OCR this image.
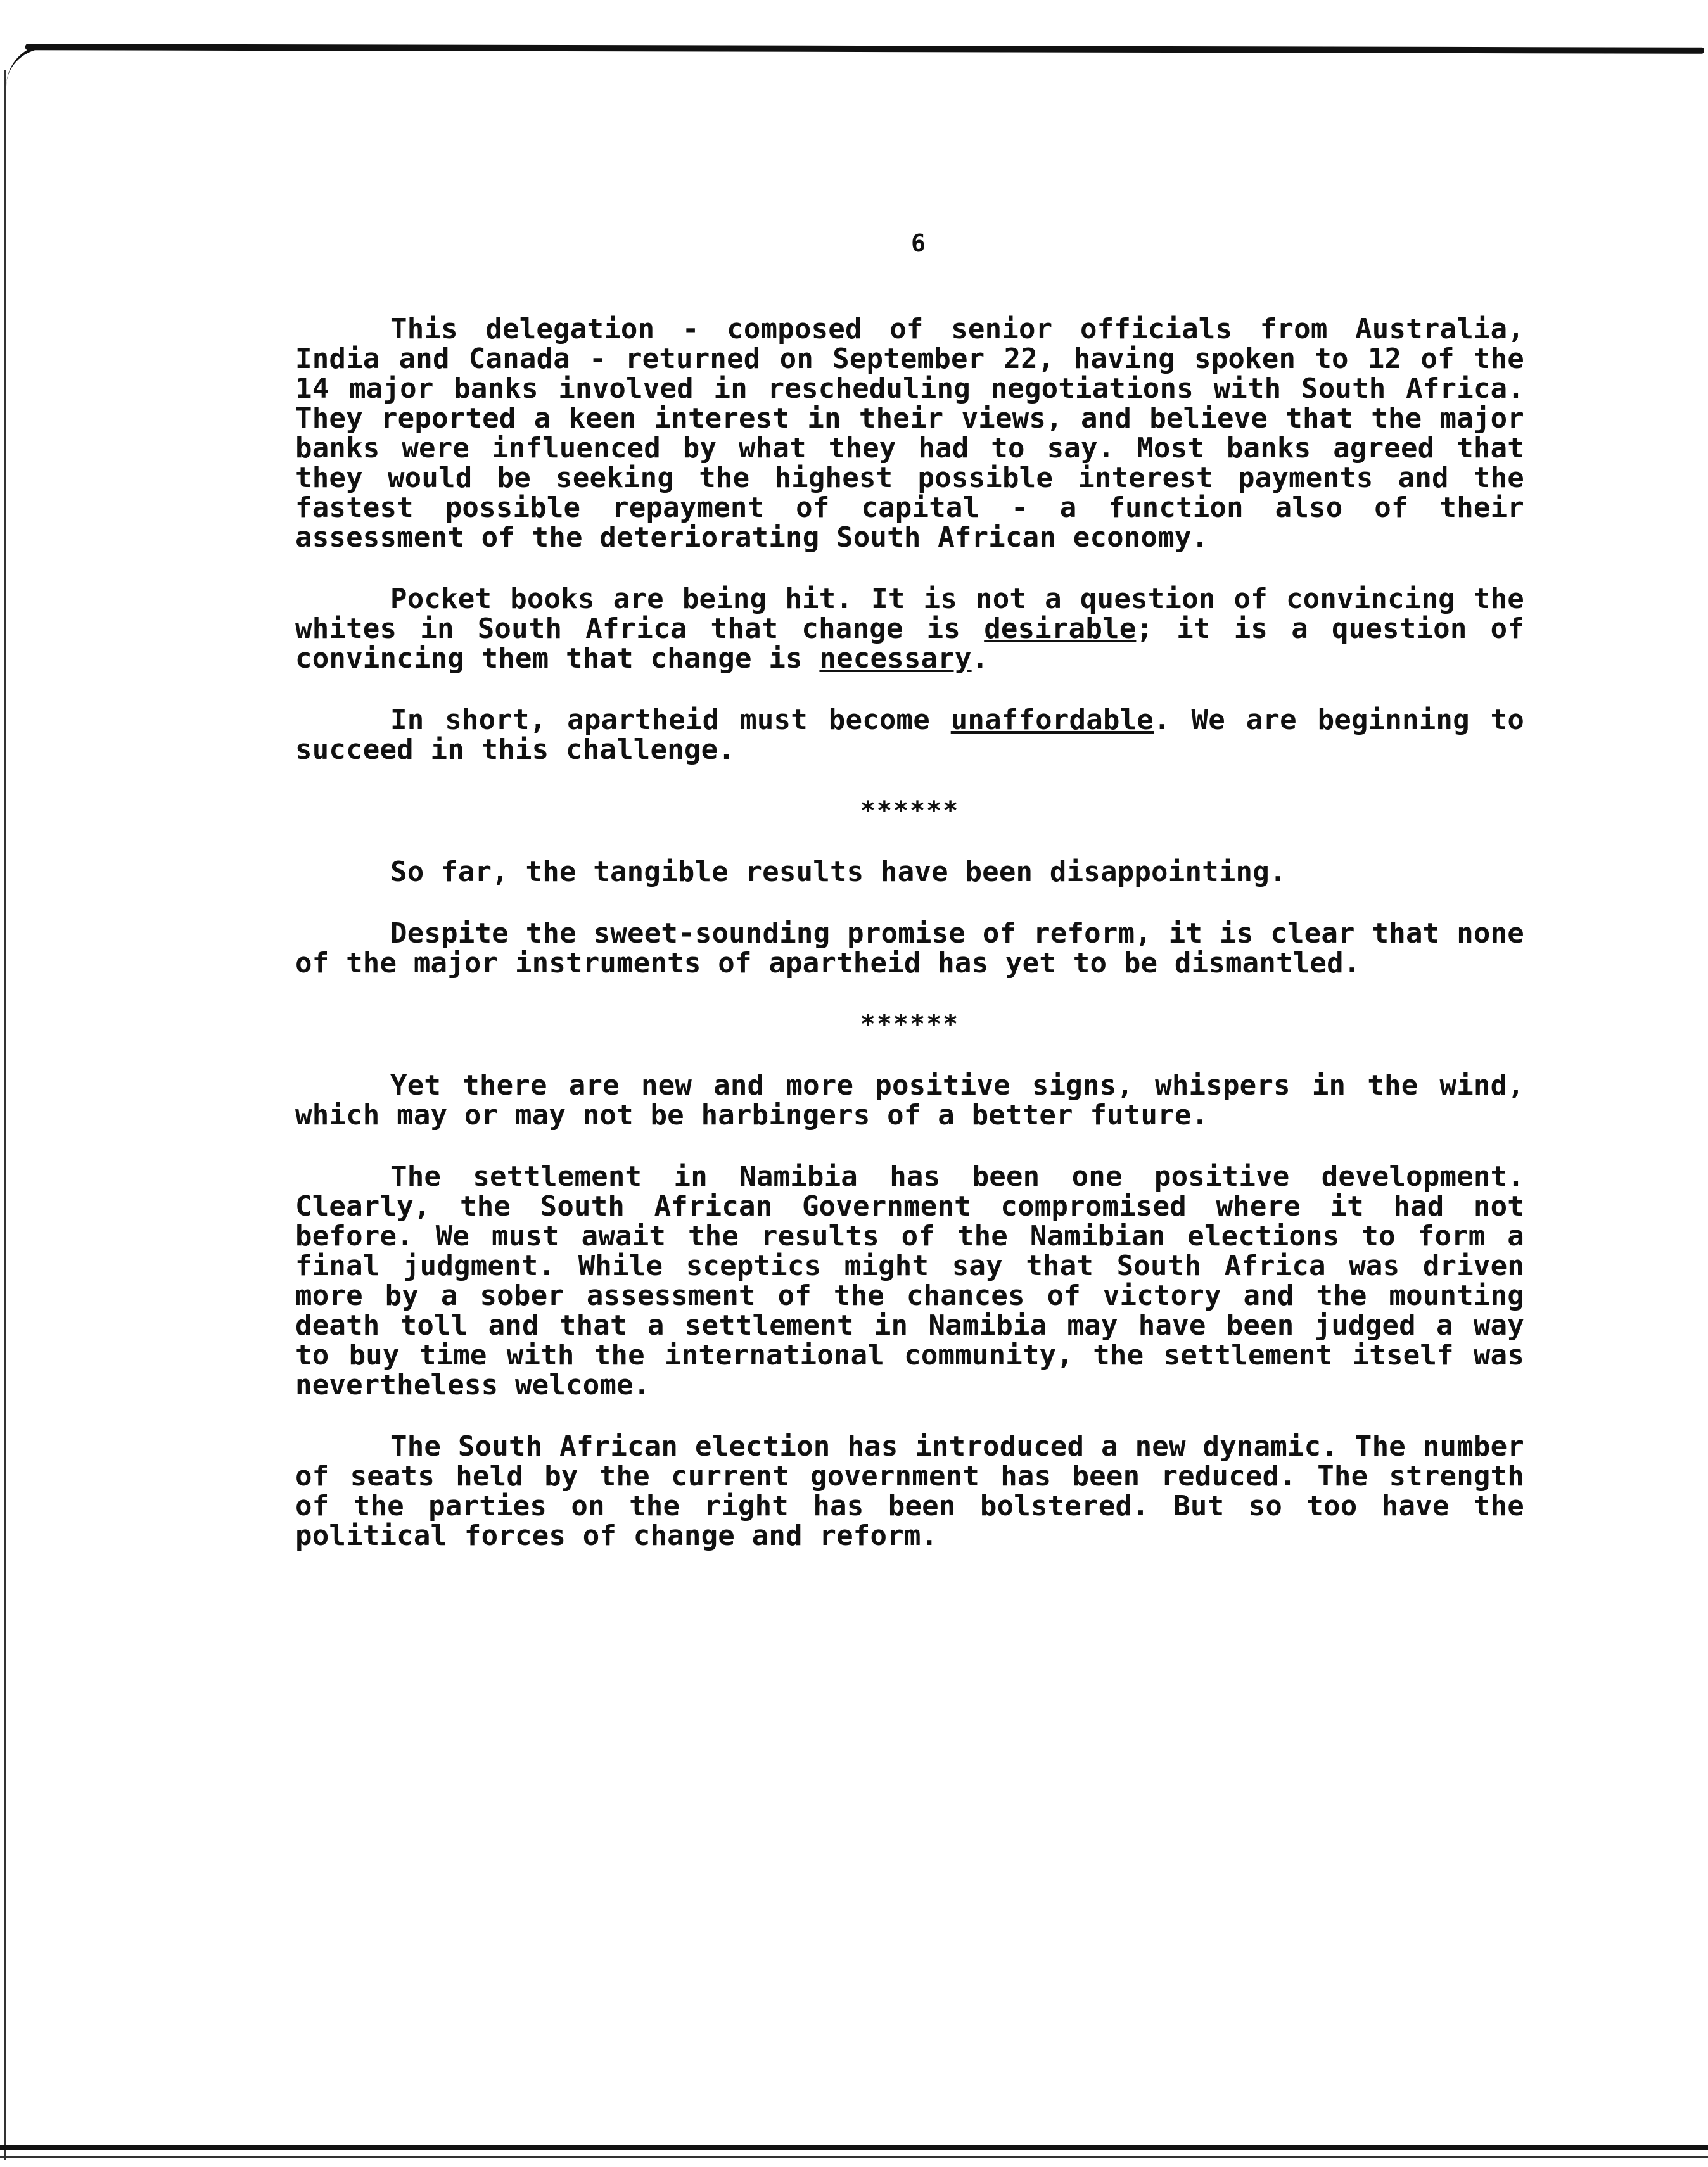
6

This delegation - composed of senior officials from Australia, India and Canada - returned on September 22, having spoken to 12 of the 14 major banks involved in rescheduling negotiations with South Africa. They reported a keen interest in their views, and believe that the major banks were influenced by what they had to say. Most banks agreed that they would be seeking the highest possible interest payments and the fastest possible repayment of capital - a function also of their assessment of the deteriorating South African economy.

Pocket books are being hit. It is not a question of convincing the whites in South Africa that change is desirable; it is a question of convincing them that change is necessary.

In short, apartheid must become unaffordable. We are beginning to succeed in this challenge.

******

So far, the tangible results have been disappointing.

Despite the sweet-sounding promise of reform, it is clear that none of the major instruments of apartheid has yet to be dismantled.

******

Yet there are new and more positive signs, whispers in the wind, which may or may not be harbingers of a better future.

The settlement in Namibia has been one positive development. Clearly, the South African Government compromised where it had not before. We must await the results of the Namibian elections to form a final judgment. While sceptics might say that South Africa was driven more by a sober assessment of the chances of victory and the mounting death toll and that a settlement in Namibia may have been judged a way to buy time with the international community, the settlement itself was nevertheless welcome.

The South African election has introduced a new dynamic. The number of seats held by the current government has been reduced. The strength of the parties on the right has been bolstered. But so too have the political forces of change and reform.
